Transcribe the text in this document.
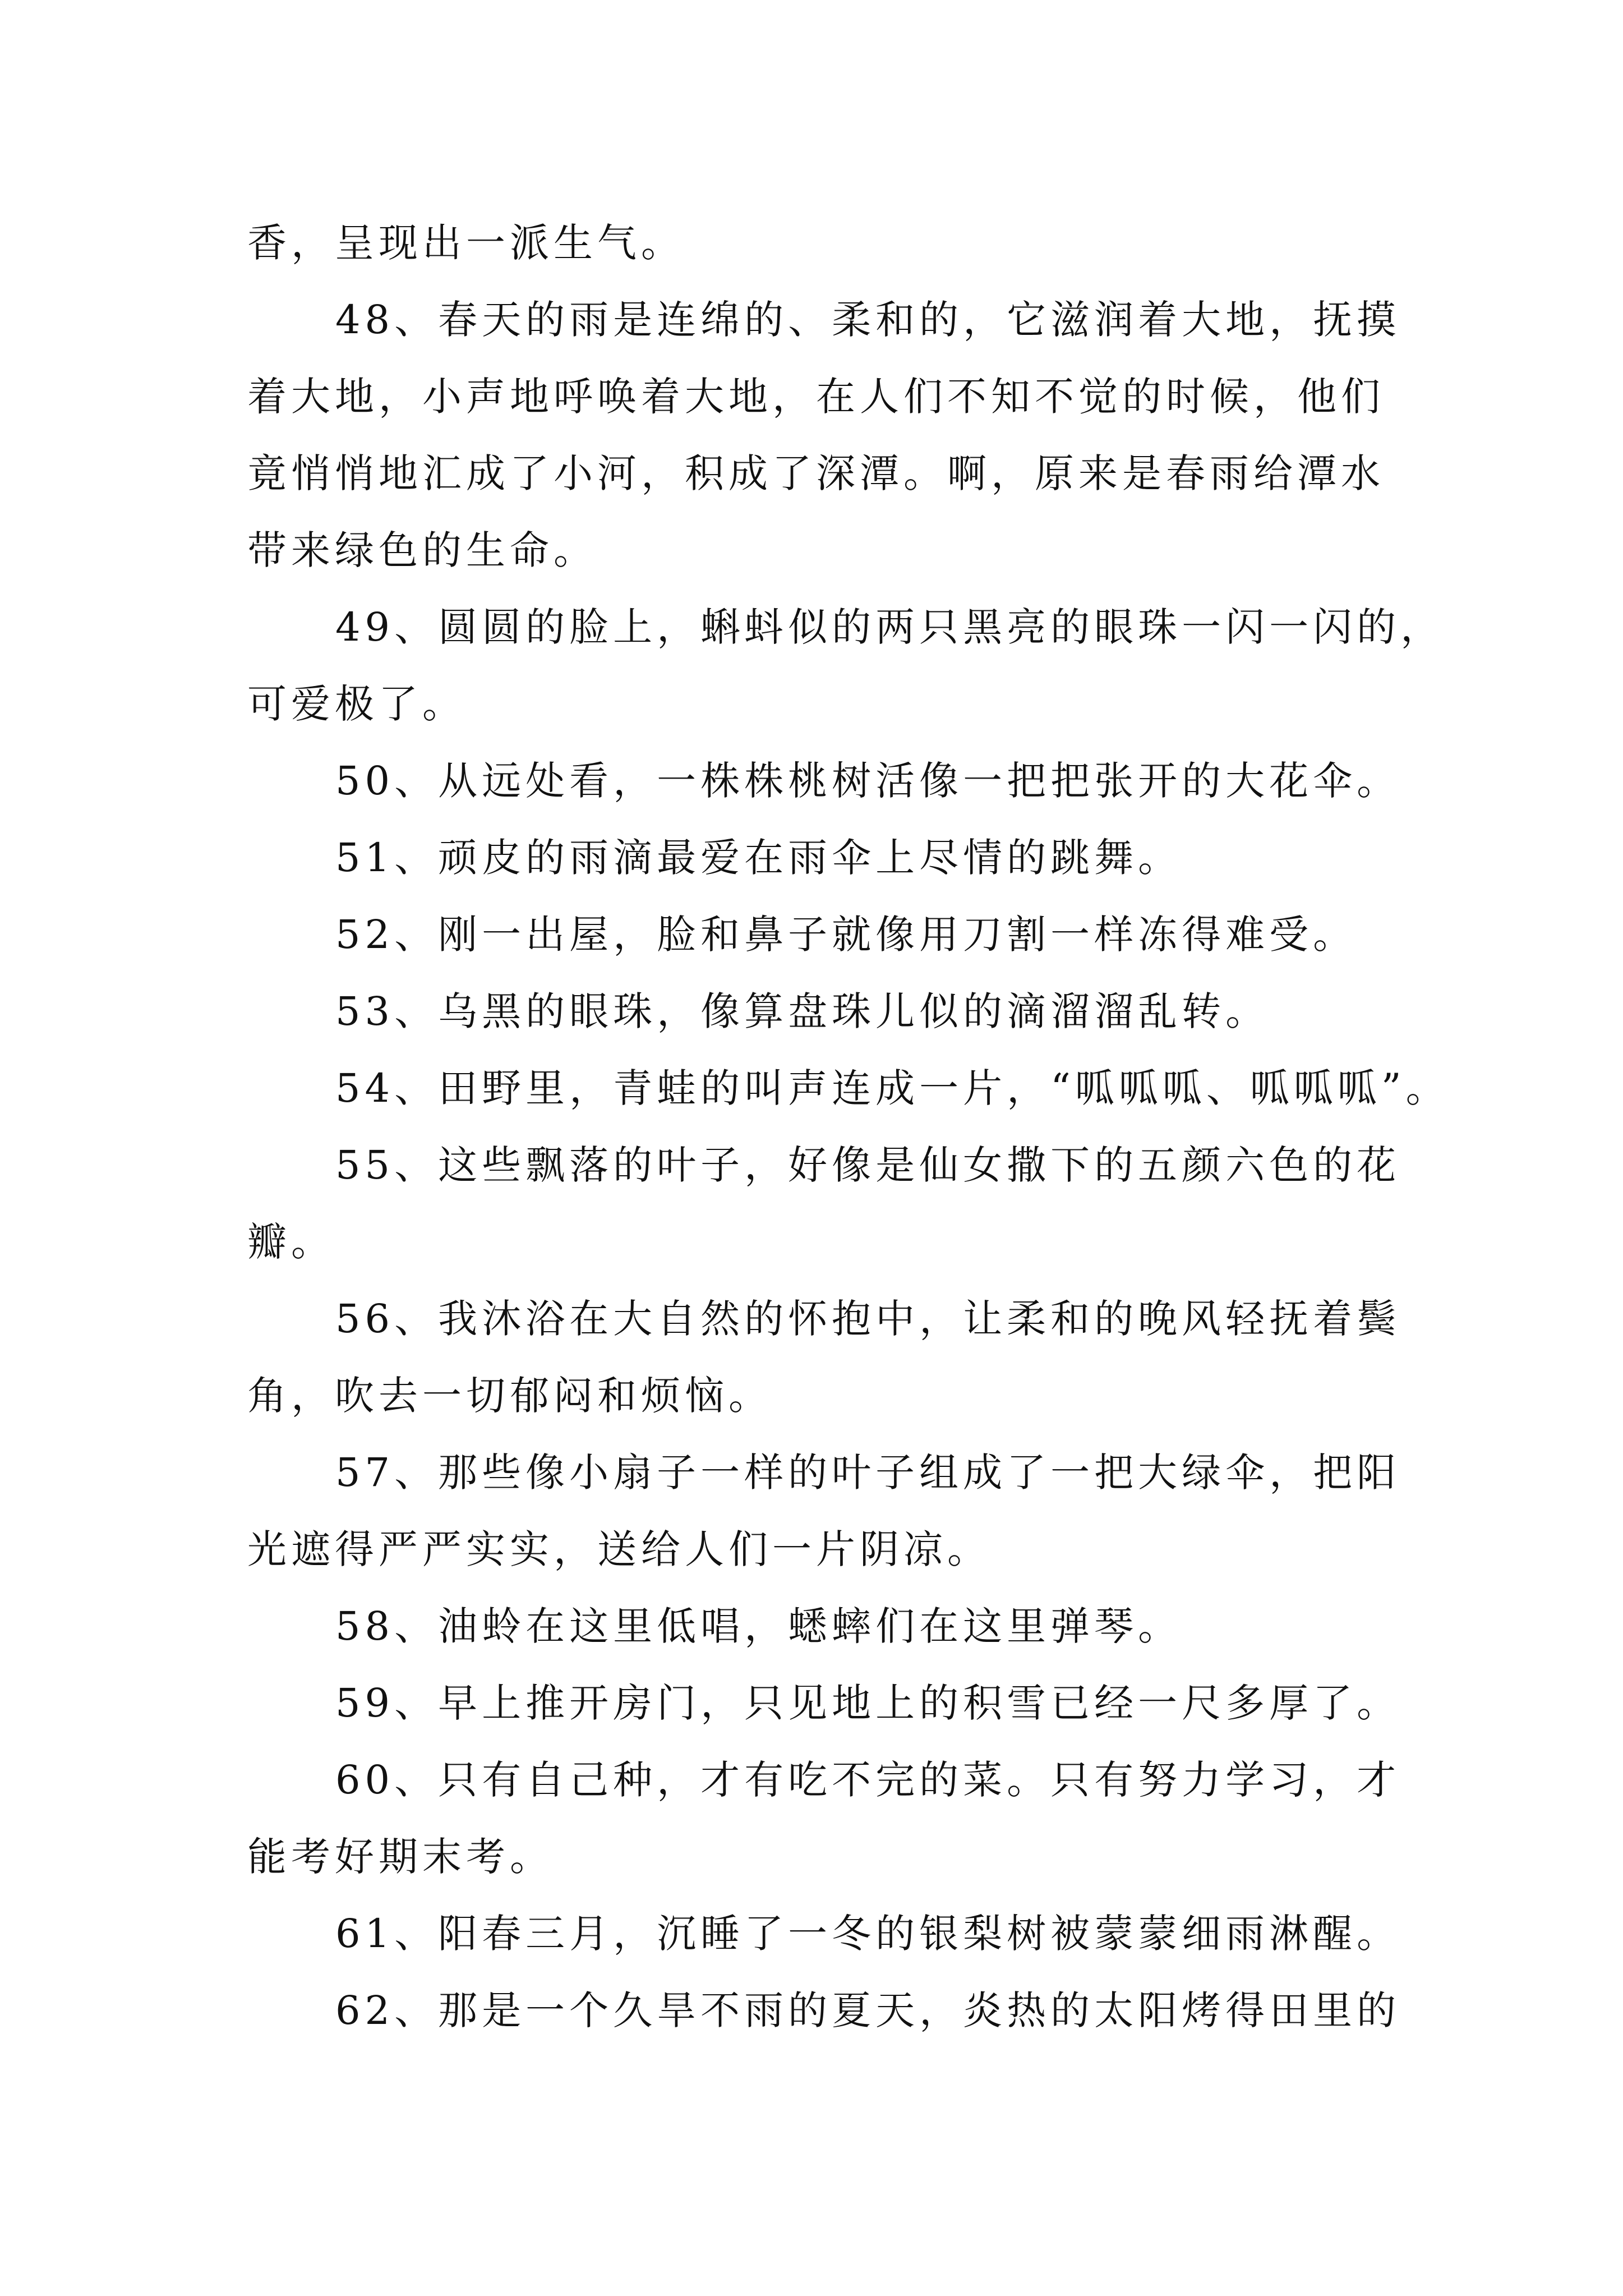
香，呈现出一派生气。
48、春天的雨是连绵的、柔和的，它滋润着大地，抚摸
着大地，小声地呼唤着大地，在人们不知不觉的时候，他们
竟悄悄地汇成了小河，积成了深潭。啊，原来是春雨给潭水
带来绿色的生命。
49、圆圆的脸上，蝌蚪似的两只黑亮的眼珠一闪一闪的，
可爱极了。
50、从远处看，一株株桃树活像一把把张开的大花伞。
51、顽皮的雨滴最爱在雨伞上尽情的跳舞。
52、刚一出屋，脸和鼻子就像用刀割一样冻得难受。
53、乌黑的眼珠，像算盘珠儿似的滴溜溜乱转。
54、田野里，青蛙的叫声连成一片，“呱呱呱、呱呱呱”。
55、这些飘落的叶子，好像是仙女撒下的五颜六色的花
瓣。
56、我沐浴在大自然的怀抱中，让柔和的晚风轻抚着鬓
角，吹去一切郁闷和烦恼。
57、那些像小扇子一样的叶子组成了一把大绿伞，把阳
光遮得严严实实，送给人们一片阴凉。
58、油蛉在这里低唱，蟋蟀们在这里弹琴。
59、早上推开房门，只见地上的积雪已经一尺多厚了。
60、只有自己种，才有吃不完的菜。只有努力学习，才
能考好期末考。
61、阳春三月，沉睡了一冬的银梨树被蒙蒙细雨淋醒。
62、那是一个久旱不雨的夏天，炎热的太阳烤得田里的
